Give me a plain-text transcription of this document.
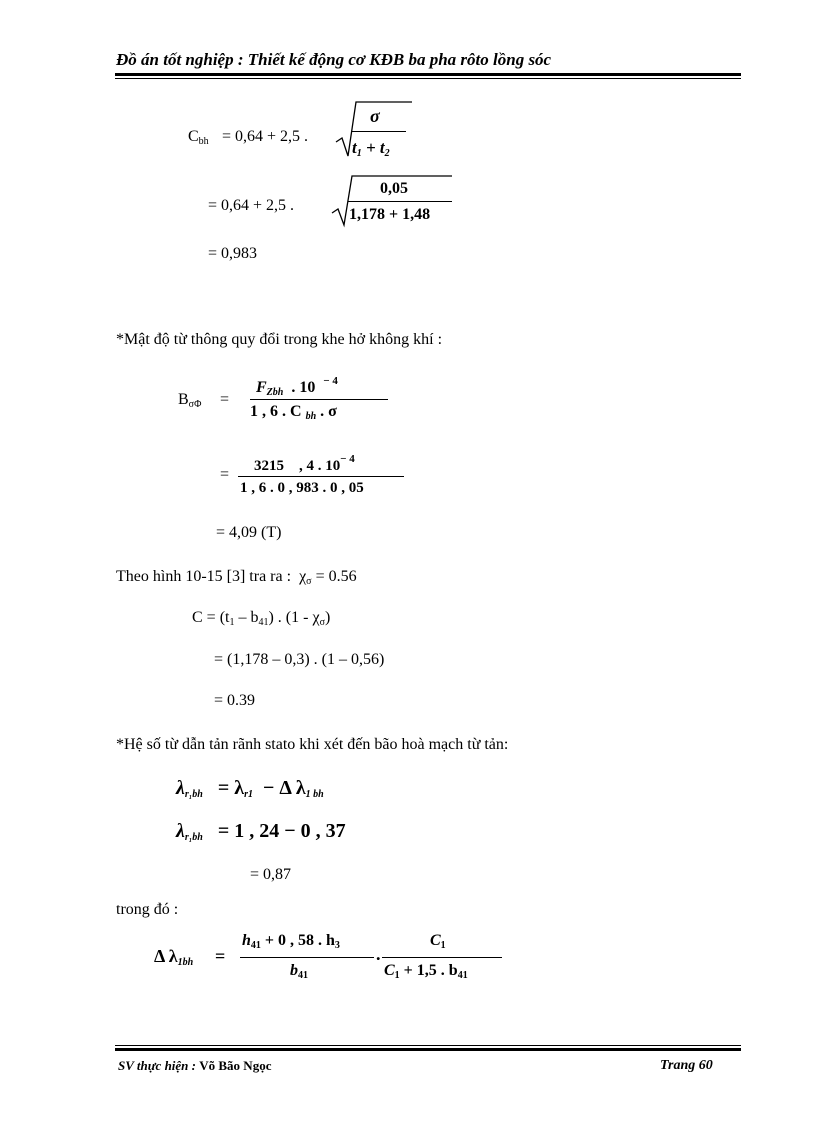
Đồ án tốt nghiệp : Thiết kế động cơ KĐB ba pha rôto lồng sóc
$C_{bh} = 0,64 + 2,5$ .
σ
$t_1 + t_2$
= 0,64 + 2,5 .
0,05
1,178 + 1,48
= 0,983
*Mật độ từ thông quy đổi trong khe hở không khí :
$B_{\sigma\Phi}$ =
$F_{Zbh}$ . 10 $^{- 4}$
1 , 6 . C $_{bh}$ . σ
= 3215 , 4 . $10^{- 4}$
1 , 6 . 0 , 983 . 0 , 05
= 4,09 (T)
Theo hình 10-15 [3] tra ra : $\chi_\sigma = 0.56$
$C = (t_1 - b_{41})$ . $(1 - \chi_\sigma)$
= (1,178 – 0,3) . (1 – 0,56)
= 0.39
*Hệ số từ dẫn tản rãnh stato khi xét đến bão hoà mạch từ tản:
$\lambda_{r_1bh} = \lambda_{r1} - \Delta$ $\lambda_{1 bh}$
$\lambda_{r_1bh} = 1$ , 24 − 0 , 37
= 0,87
trong đó :
Δ $\lambda_{1bh}$ =
$h_{41} + 0$ , 58 . $h_3$
$b_{41}$
.
$C_1$
$C_1 + 1,5$ . $b_{41}$
SV thực hiện : Võ Bão Ngọc	Trang 60
